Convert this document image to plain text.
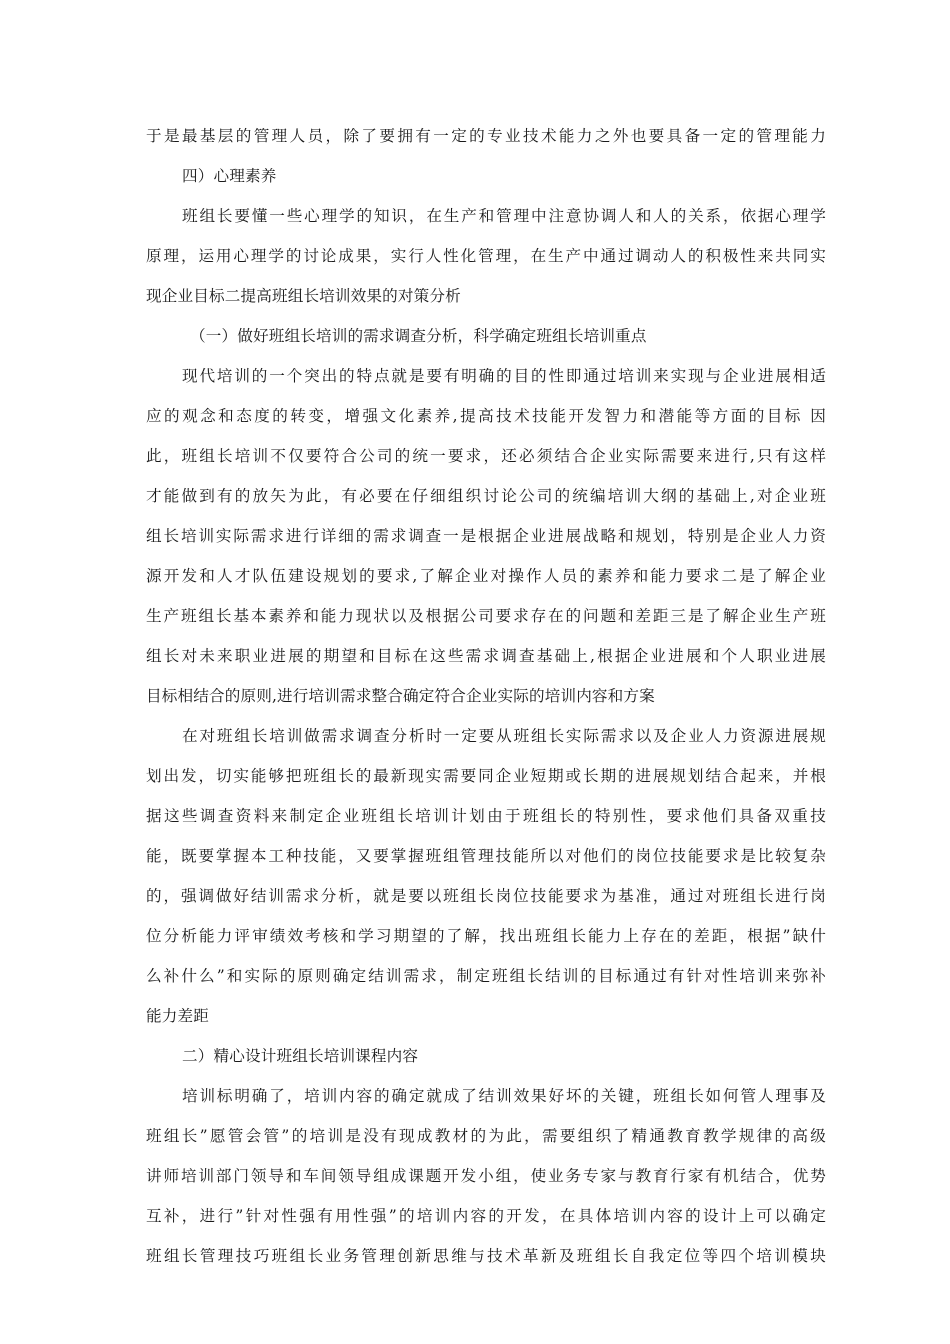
于是最基层的管理人员，除了要拥有一定的专业技术能力之外也要具备一定的管理能力
四）心理素养
班组长要懂一些心理学的知识，在生产和管理中注意协调人和人的关系，依据心理学
原理，运用心理学的讨论成果，实行人性化管理，在生产中通过调动人的积极性来共同实
现企业目标二提高班组长培训效果的对策分析
（一）做好班组长培训的需求调查分析，科学确定班组长培训重点
现代培训的一个突出的特点就是要有明确的目的性即通过培训来实现与企业进展相适
应的观念和态度的转变，增强文化素养,提高技术技能开发智力和潜能等方面的目标 因
此，班组长培训不仅要符合公司的统一要求，还必须结合企业实际需要来进行,只有这样
才能做到有的放矢为此，有必要在仔细组织讨论公司的统编培训大纲的基础上,对企业班
组长培训实际需求进行详细的需求调查一是根据企业进展战略和规划，特别是企业人力资
源开发和人才队伍建设规划的要求,了解企业对操作人员的素养和能力要求二是了解企业
生产班组长基本素养和能力现状以及根据公司要求存在的问题和差距三是了解企业生产班
组长对未来职业进展的期望和目标在这些需求调查基础上,根据企业进展和个人职业进展
目标相结合的原则,进行培训需求整合确定符合企业实际的培训内容和方案
在对班组长培训做需求调查分析时一定要从班组长实际需求以及企业人力资源进展规
划出发，切实能够把班组长的最新现实需要同企业短期或长期的进展规划结合起来，并根
据这些调查资料来制定企业班组长培训计划由于班组长的特别性，要求他们具备双重技
能，既要掌握本工种技能，又要掌握班组管理技能所以对他们的岗位技能要求是比较复杂
的，强调做好结训需求分析，就是要以班组长岗位技能要求为基准，通过对班组长进行岗
位分析能力评审绩效考核和学习期望的了解，找出班组长能力上存在的差距，根据”缺什
么补什么”和实际的原则确定结训需求，制定班组长结训的目标通过有针对性培训来弥补
能力差距
二）精心设计班组长培训课程内容
培训标明确了，培训内容的确定就成了结训效果好坏的关键，班组长如何管人理事及
班组长”愿管会管”的培训是没有现成教材的为此，需要组织了精通教育教学规律的高级
讲师培训部门领导和车间领导组成课题开发小组，使业务专家与教育行家有机结合，优势
互补，进行”针对性强有用性强”的培训内容的开发，在具体培训内容的设计上可以确定
班组长管理技巧班组长业务管理创新思维与技术革新及班组长自我定位等四个培训模块
